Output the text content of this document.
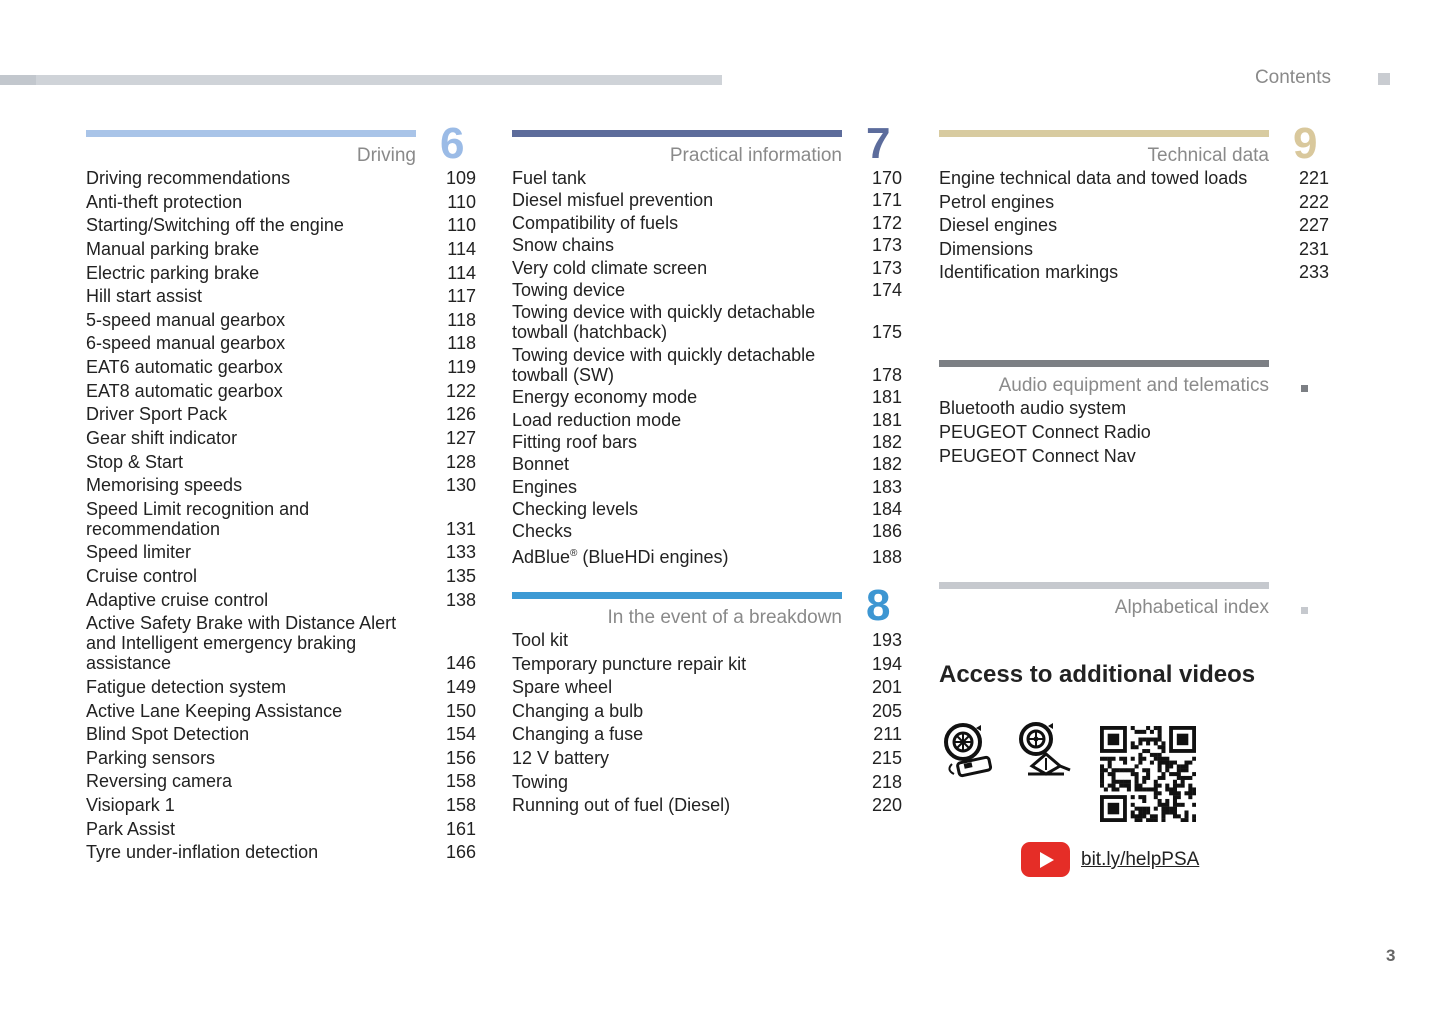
Contents
Driving 6
Driving recommendations	109
Anti-theft protection	110
Starting/Switching off the engine	110
Manual parking brake	114
Electric parking brake	114
Hill start assist	117
5-speed manual gearbox	118
6-speed manual gearbox	118
EAT6 automatic gearbox	119
EAT8 automatic gearbox	122
Driver Sport Pack	126
Gear shift indicator	127
Stop & Start	128
Memorising speeds	130
Speed Limit recognition and recommendation	131
Speed limiter	133
Cruise control	135
Adaptive cruise control	138
Active Safety Brake with Distance Alert and Intelligent emergency braking assistance	146
Fatigue detection system	149
Active Lane Keeping Assistance	150
Blind Spot Detection	154
Parking sensors	156
Reversing camera	158
Visiopark 1	158
Park Assist	161
Tyre under-inflation detection	166
Practical information 7
Fuel tank	170
Diesel misfuel prevention	171
Compatibility of fuels	172
Snow chains	173
Very cold climate screen	173
Towing device	174
Towing device with quickly detachable towball (hatchback)	175
Towing device with quickly detachable towball (SW)	178
Energy economy mode	181
Load reduction mode	181
Fitting roof bars	182
Bonnet	182
Engines	183
Checking levels	184
Checks	186
AdBlue® (BlueHDi engines)	188
In the event of a breakdown 8
Tool kit	193
Temporary puncture repair kit	194
Spare wheel	201
Changing a bulb	205
Changing a fuse	211
12 V battery	215
Towing	218
Running out of fuel (Diesel)	220
Technical data 9
Engine technical data and towed loads	221
Petrol engines	222
Diesel engines	227
Dimensions	231
Identification markings	233
Audio equipment and telematics
Bluetooth audio system
PEUGEOT Connect Radio
PEUGEOT Connect Nav
Alphabetical index
Access to additional videos
bit.ly/helpPSA
3
